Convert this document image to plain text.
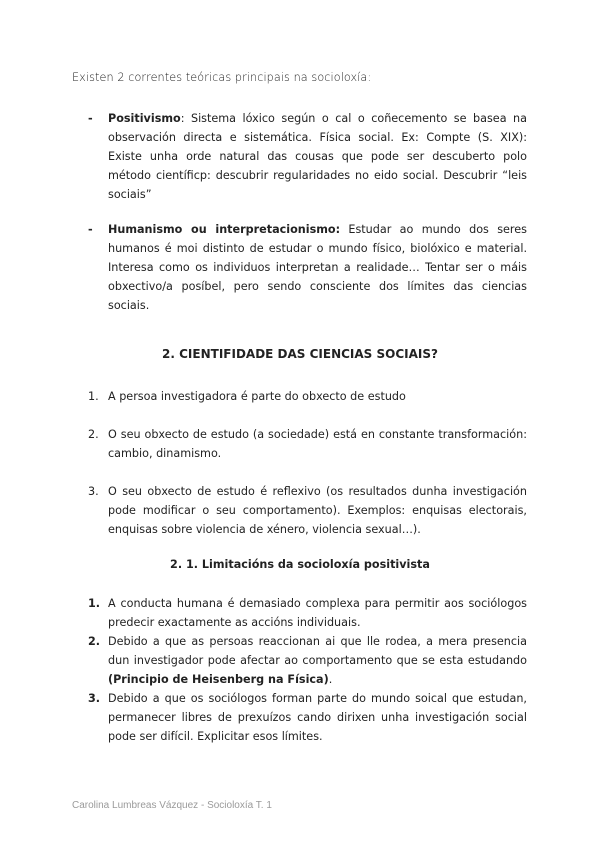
Existen 2 correntes teóricas principais na socioloxía:
- Positivismo: Sistema lóxico según o cal o coñecemento se basea na observación directa e sistemática. Física social. Ex: Compte (S. XIX): Existe unha orde natural das cousas que pode ser descuberto polo método científicp: descubrir regularidades no eido social. Descubrir “leis sociais”
- Humanismo ou interpretacionismo: Estudar ao mundo dos seres humanos é moi distinto de estudar o mundo físico, biolóxico e material. Interesa como os individuos interpretan a realidade… Tentar ser o máis obxectivo/a posíbel, pero sendo consciente dos límites das ciencias sociais.
2. CIENTIFIDADE DAS CIENCIAS SOCIAIS?
1. A persoa investigadora é parte do obxecto de estudo
2. O seu obxecto de estudo (a sociedade) está en constante transformación: cambio, dinamismo.
3. O seu obxecto de estudo é reflexivo (os resultados dunha investigación pode modificar o seu comportamento). Exemplos: enquisas electorais, enquisas sobre violencia de xénero, violencia sexual…).
2. 1. Limitacións da socioloxía positivista
1. A conducta humana é demasiado complexa para permitir aos sociólogos predecir exactamente as accións individuais.
2. Debido a que as persoas reaccionan ai que lle rodea, a mera presencia dun investigador pode afectar ao comportamento que se esta estudando (Principio de Heisenberg na Física).
3. Debido a que os sociólogos forman parte do mundo soical que estudan, permanecer libres de prexuízos cando dirixen unha investigación social pode ser difícil. Explicitar esos límites.
Carolina Lumbreas Vázquez - Socioloxía T. 1
